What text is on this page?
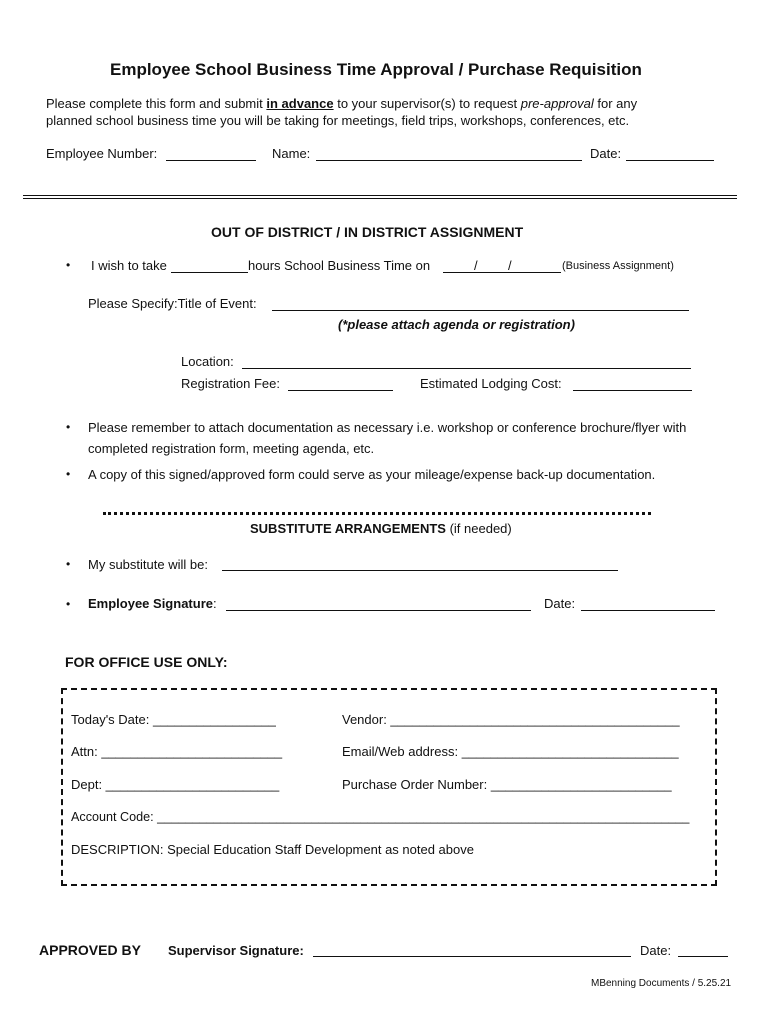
Employee School Business Time Approval / Purchase Requisition
Please complete this form and submit in advance to your supervisor(s) to request pre-approval for any
planned school business time you will be taking for meetings, field trips, workshops, conferences, etc.
Employee Number:	Name:	Date:
OUT OF DISTRICT / IN DISTRICT ASSIGNMENT
• I wish to take	hours School Business Time on	/ /	(Business Assignment)
Please Specify:Title of Event:
(*please attach agenda or registration)
Location:
Registration Fee:	Estimated Lodging Cost:
• Please remember to attach documentation as necessary i.e. workshop or conference brochure/flyer with
completed registration form, meeting agenda, etc.
• A copy of this signed/approved form could serve as your mileage/expense back-up documentation.
SUBSTITUTE ARRANGEMENTS (if needed)
• My substitute will be:
• Employee Signature:	Date:
FOR OFFICE USE ONLY:
Today's Date: _________________	Vendor: ________________________________________
Attn: _________________________	Email/Web address: ______________________________
Dept: ________________________	Purchase Order Number: _________________________
Account Code: ____________________________________________________________________________
DESCRIPTION: Special Education Staff Development as noted above
APPROVED BY Supervisor Signature:	Date:
MBenning Documents / 5.25.21
